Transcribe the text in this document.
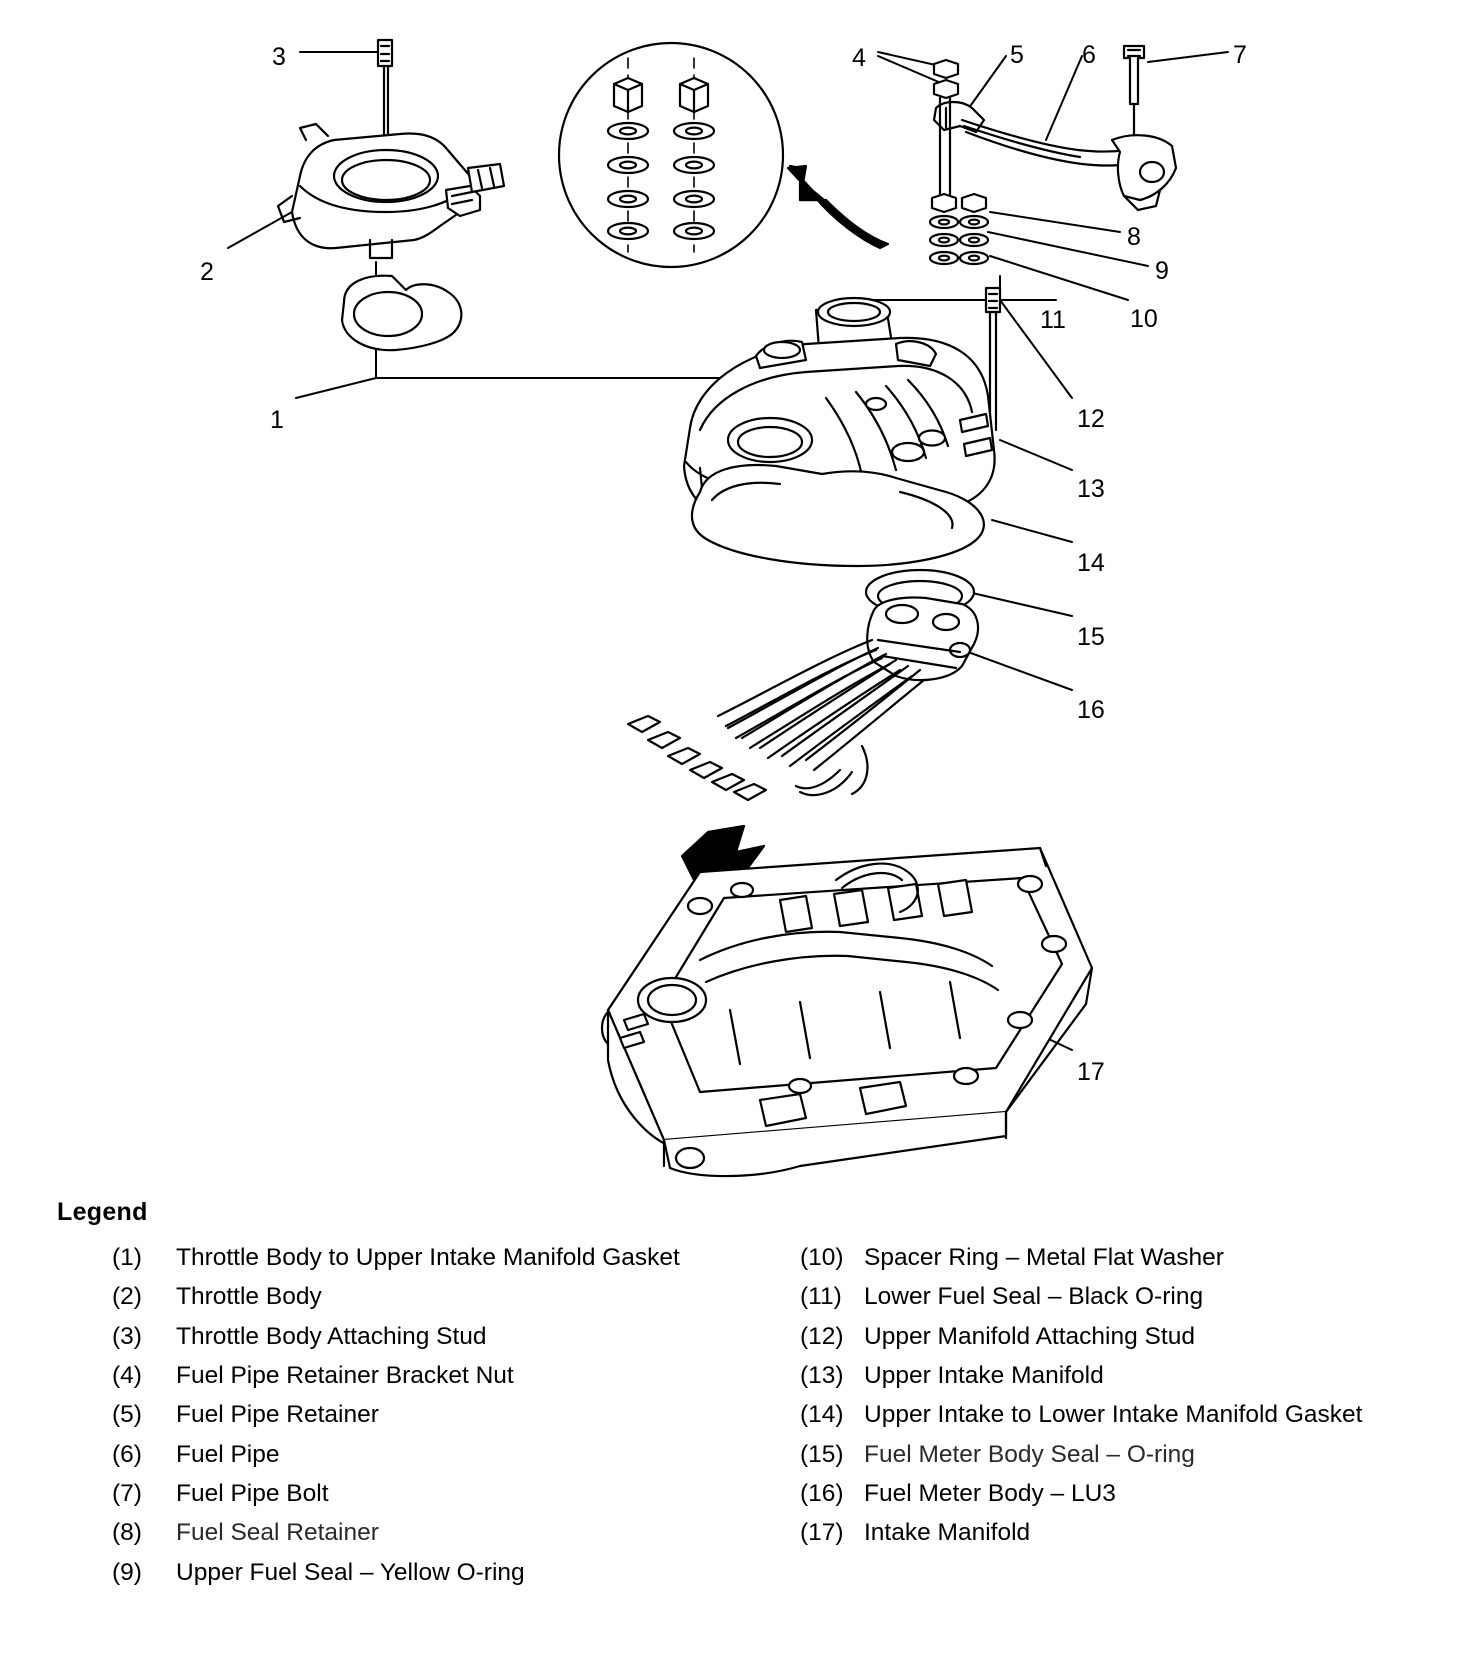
3
2
1
4	5 6	7
8
9
10
11
12
13
14
15
16
17
Legend
(1)	Throttle Body to Upper Intake Manifold Gasket
(2)	Throttle Body
(3)	Throttle Body Attaching Stud
(4)	Fuel Pipe Retainer Bracket Nut
(5)	Fuel Pipe Retainer
(6)	Fuel Pipe
(7)	Fuel Pipe Bolt
(8)	Fuel Seal Retainer
(9)	Upper Fuel Seal – Yellow O-ring
(10) Spacer Ring – Metal Flat Washer
(11) Lower Fuel Seal – Black O-ring
(12) Upper Manifold Attaching Stud
(13) Upper Intake Manifold
(14) Upper Intake to Lower Intake Manifold Gasket
(15) Fuel Meter Body Seal – O-ring
(16) Fuel Meter Body – LU3
(17) Intake Manifold
